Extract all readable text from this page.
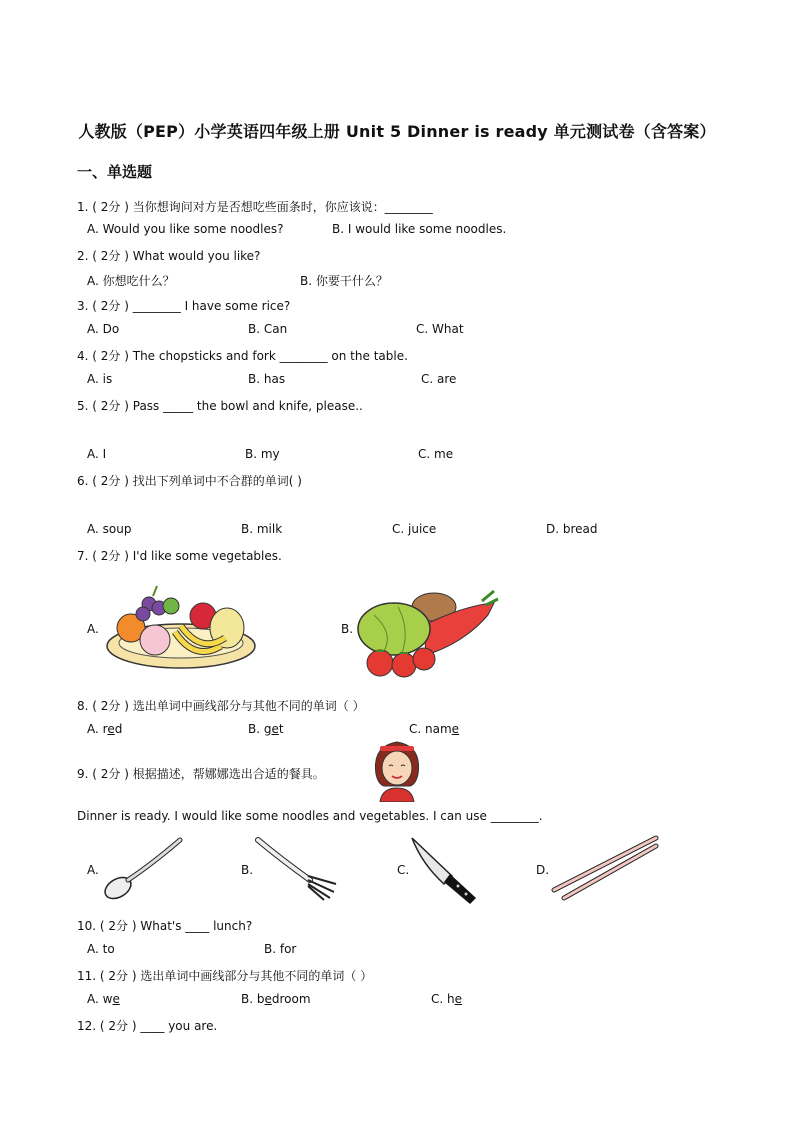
人教版（PEP）小学英语四年级上册 Unit 5 Dinner is ready 单元测试卷（含答案）
一、单选题
1. ( 2分 ) 当你想询问对方是否想吃些面条时，你应该说：________
A. Would you like some noodles?	B. I would like some noodles.
2. ( 2分 ) What would you like?
A. 你想吃什么？	B. 你要干什么？
3. ( 2分 ) ________ I have some rice?
A. Do	B. Can	C. What
4. ( 2分 ) The chopsticks and fork ________ on the table.
A. is	B. has	C. are
5. ( 2分 ) Pass _____ the bowl and knife, please..
A. I	B. my	C. me
6. ( 2分 ) 找出下列单词中不合群的单词( )
A. soup	B. milk	C. juice	D. bread
7. ( 2分 ) I'd like some vegetables.
A.	B.
8. ( 2分 ) 选出单词中画线部分与其他不同的单词（ ）
A. red	B. get	C. name
9. ( 2分 ) 根据描述，帮娜娜选出合适的餐具。
Dinner is ready. I would like some noodles and vegetables. I can use ________.
A.	B.	C.	D.
10. ( 2分 ) What's ____ lunch?
A. to	B. for
11. ( 2分 ) 选出单词中画线部分与其他不同的单词（ ）
A. we	B. bedroom	C. he
12. ( 2分 ) ____ you are.
